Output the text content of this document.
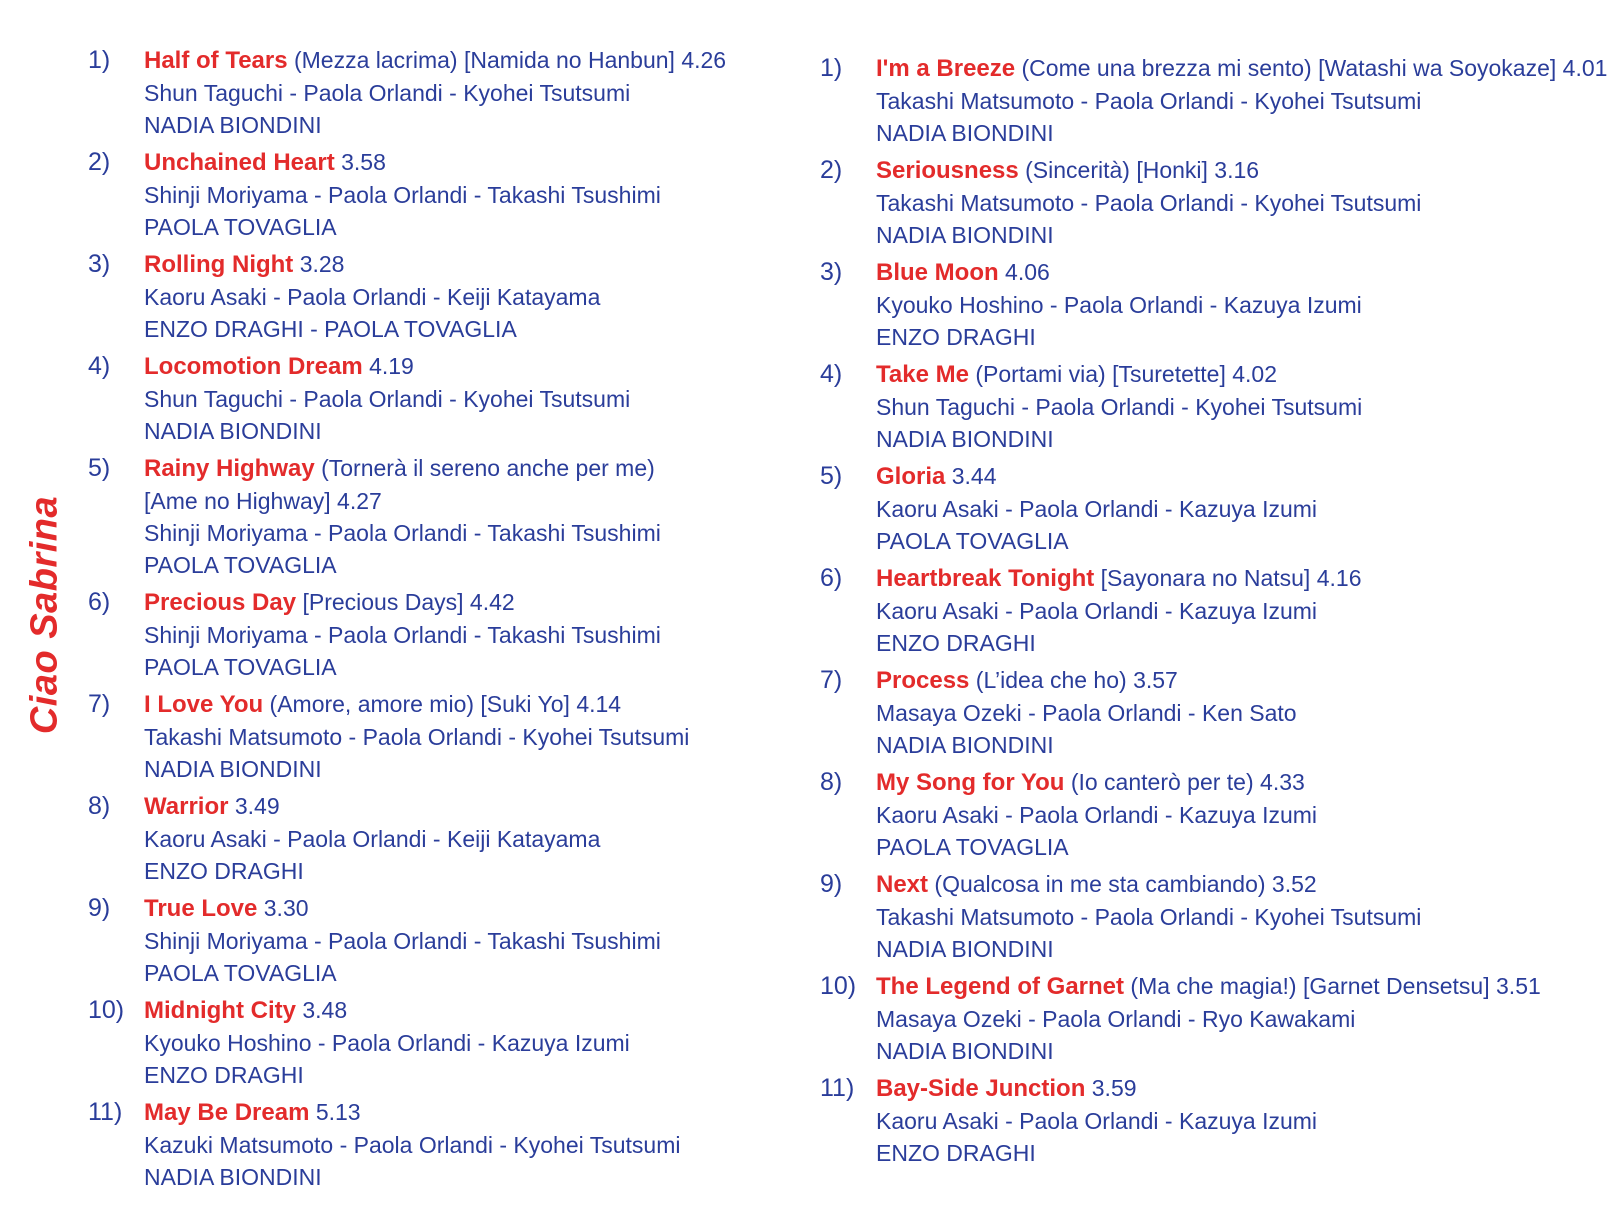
Ciao Sabrina
1)	Half of Tears (Mezza lacrima) [Namida no Hanbun] 4.26
Shun Taguchi - Paola Orlandi - Kyohei Tsutsumi
NADIA BIONDINI
2)	Unchained Heart 3.58
Shinji Moriyama - Paola Orlandi - Takashi Tsushimi
PAOLA TOVAGLIA
3)	Rolling Night 3.28
Kaoru Asaki - Paola Orlandi - Keiji Katayama
ENZO DRAGHI - PAOLA TOVAGLIA
4)	Locomotion Dream 4.19
Shun Taguchi - Paola Orlandi - Kyohei Tsutsumi
NADIA BIONDINI
5)	Rainy Highway (Tornerà il sereno anche per me)
[Ame no Highway] 4.27
Shinji Moriyama - Paola Orlandi - Takashi Tsushimi
PAOLA TOVAGLIA
6)	Precious Day [Precious Days] 4.42
Shinji Moriyama - Paola Orlandi - Takashi Tsushimi
PAOLA TOVAGLIA
7)	I Love You (Amore, amore mio) [Suki Yo] 4.14
Takashi Matsumoto - Paola Orlandi - Kyohei Tsutsumi
NADIA BIONDINI
8)	Warrior 3.49
Kaoru Asaki - Paola Orlandi - Keiji Katayama
ENZO DRAGHI
9)	True Love 3.30
Shinji Moriyama - Paola Orlandi - Takashi Tsushimi
PAOLA TOVAGLIA
10) Midnight City 3.48
Kyouko Hoshino - Paola Orlandi - Kazuya Izumi
ENZO DRAGHI
11) May Be Dream 5.13
Kazuki Matsumoto - Paola Orlandi - Kyohei Tsutsumi
NADIA BIONDINI
1)	I'm a Breeze (Come una brezza mi sento) [Watashi wa Soyokaze] 4.01
Takashi Matsumoto - Paola Orlandi - Kyohei Tsutsumi
NADIA BIONDINI
2)	Seriousness (Sincerità) [Honki] 3.16
Takashi Matsumoto - Paola Orlandi - Kyohei Tsutsumi
NADIA BIONDINI
3)	Blue Moon 4.06
Kyouko Hoshino - Paola Orlandi - Kazuya Izumi
ENZO DRAGHI
4)	Take Me (Portami via) [Tsuretette] 4.02
Shun Taguchi - Paola Orlandi - Kyohei Tsutsumi
NADIA BIONDINI
5)	Gloria 3.44
Kaoru Asaki - Paola Orlandi - Kazuya Izumi
PAOLA TOVAGLIA
6)	Heartbreak Tonight [Sayonara no Natsu] 4.16
Kaoru Asaki - Paola Orlandi - Kazuya Izumi
ENZO DRAGHI
7)	Process (L’idea che ho) 3.57
Masaya Ozeki - Paola Orlandi - Ken Sato
NADIA BIONDINI
8)	My Song for You (Io canterò per te) 4.33
Kaoru Asaki - Paola Orlandi - Kazuya Izumi
PAOLA TOVAGLIA
9)	Next (Qualcosa in me sta cambiando) 3.52
Takashi Matsumoto - Paola Orlandi - Kyohei Tsutsumi
NADIA BIONDINI
10) The Legend of Garnet (Ma che magia!) [Garnet Densetsu] 3.51
Masaya Ozeki - Paola Orlandi - Ryo Kawakami
NADIA BIONDINI
11) Bay-Side Junction 3.59
Kaoru Asaki - Paola Orlandi - Kazuya Izumi
ENZO DRAGHI
